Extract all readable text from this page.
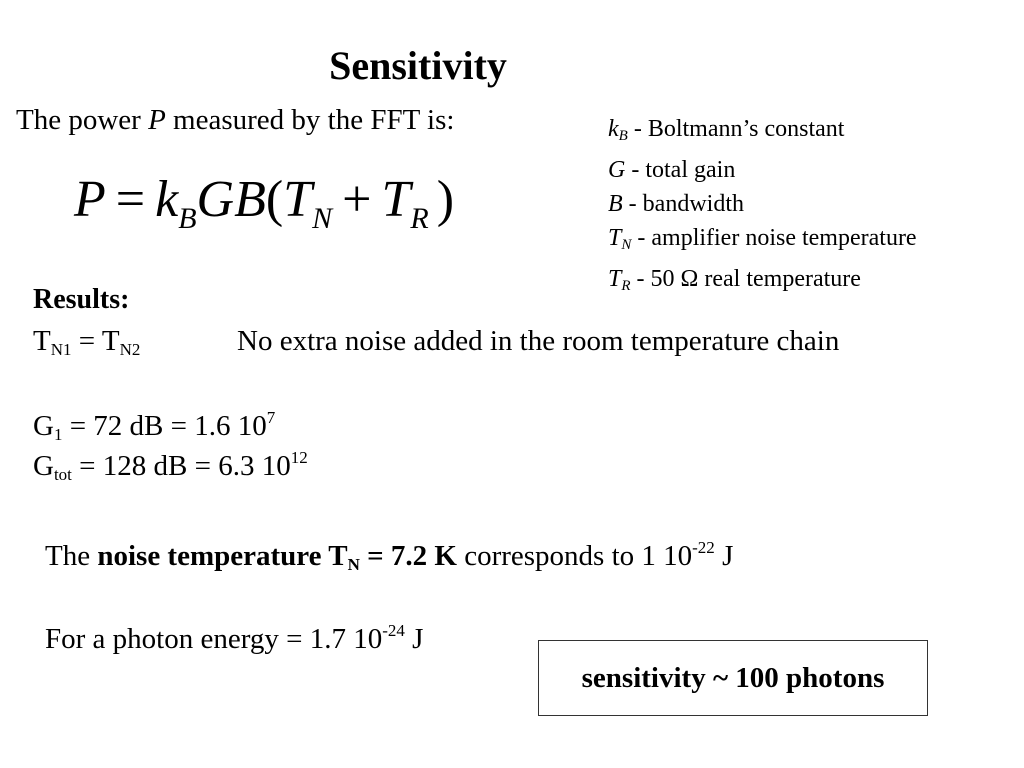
Sensitivity
The power P measured by the FFT is:
$P = k_BGB(T_N + T_R$ )
$k_B$ - Boltmann’s constant
G - total gain
B - bandwidth
$T_N$ - amplifier noise temperature
$T_R - 50$ Ω real temperature
Results:
$T_{N1} = T_{N2}$	No extra noise added in the room temperature chain
$G_1 = 72$ dB = 1.6 $10^7$
$G_{tot} = 128$ dB = 6.3 $10^{12}$
The noise temperature $T_N = 7.2$ K corresponds to 1 $10^{-22}$ J
For a photon energy = 1.7 $10^{-24}$ J
sensitivity ~ 100 photons
